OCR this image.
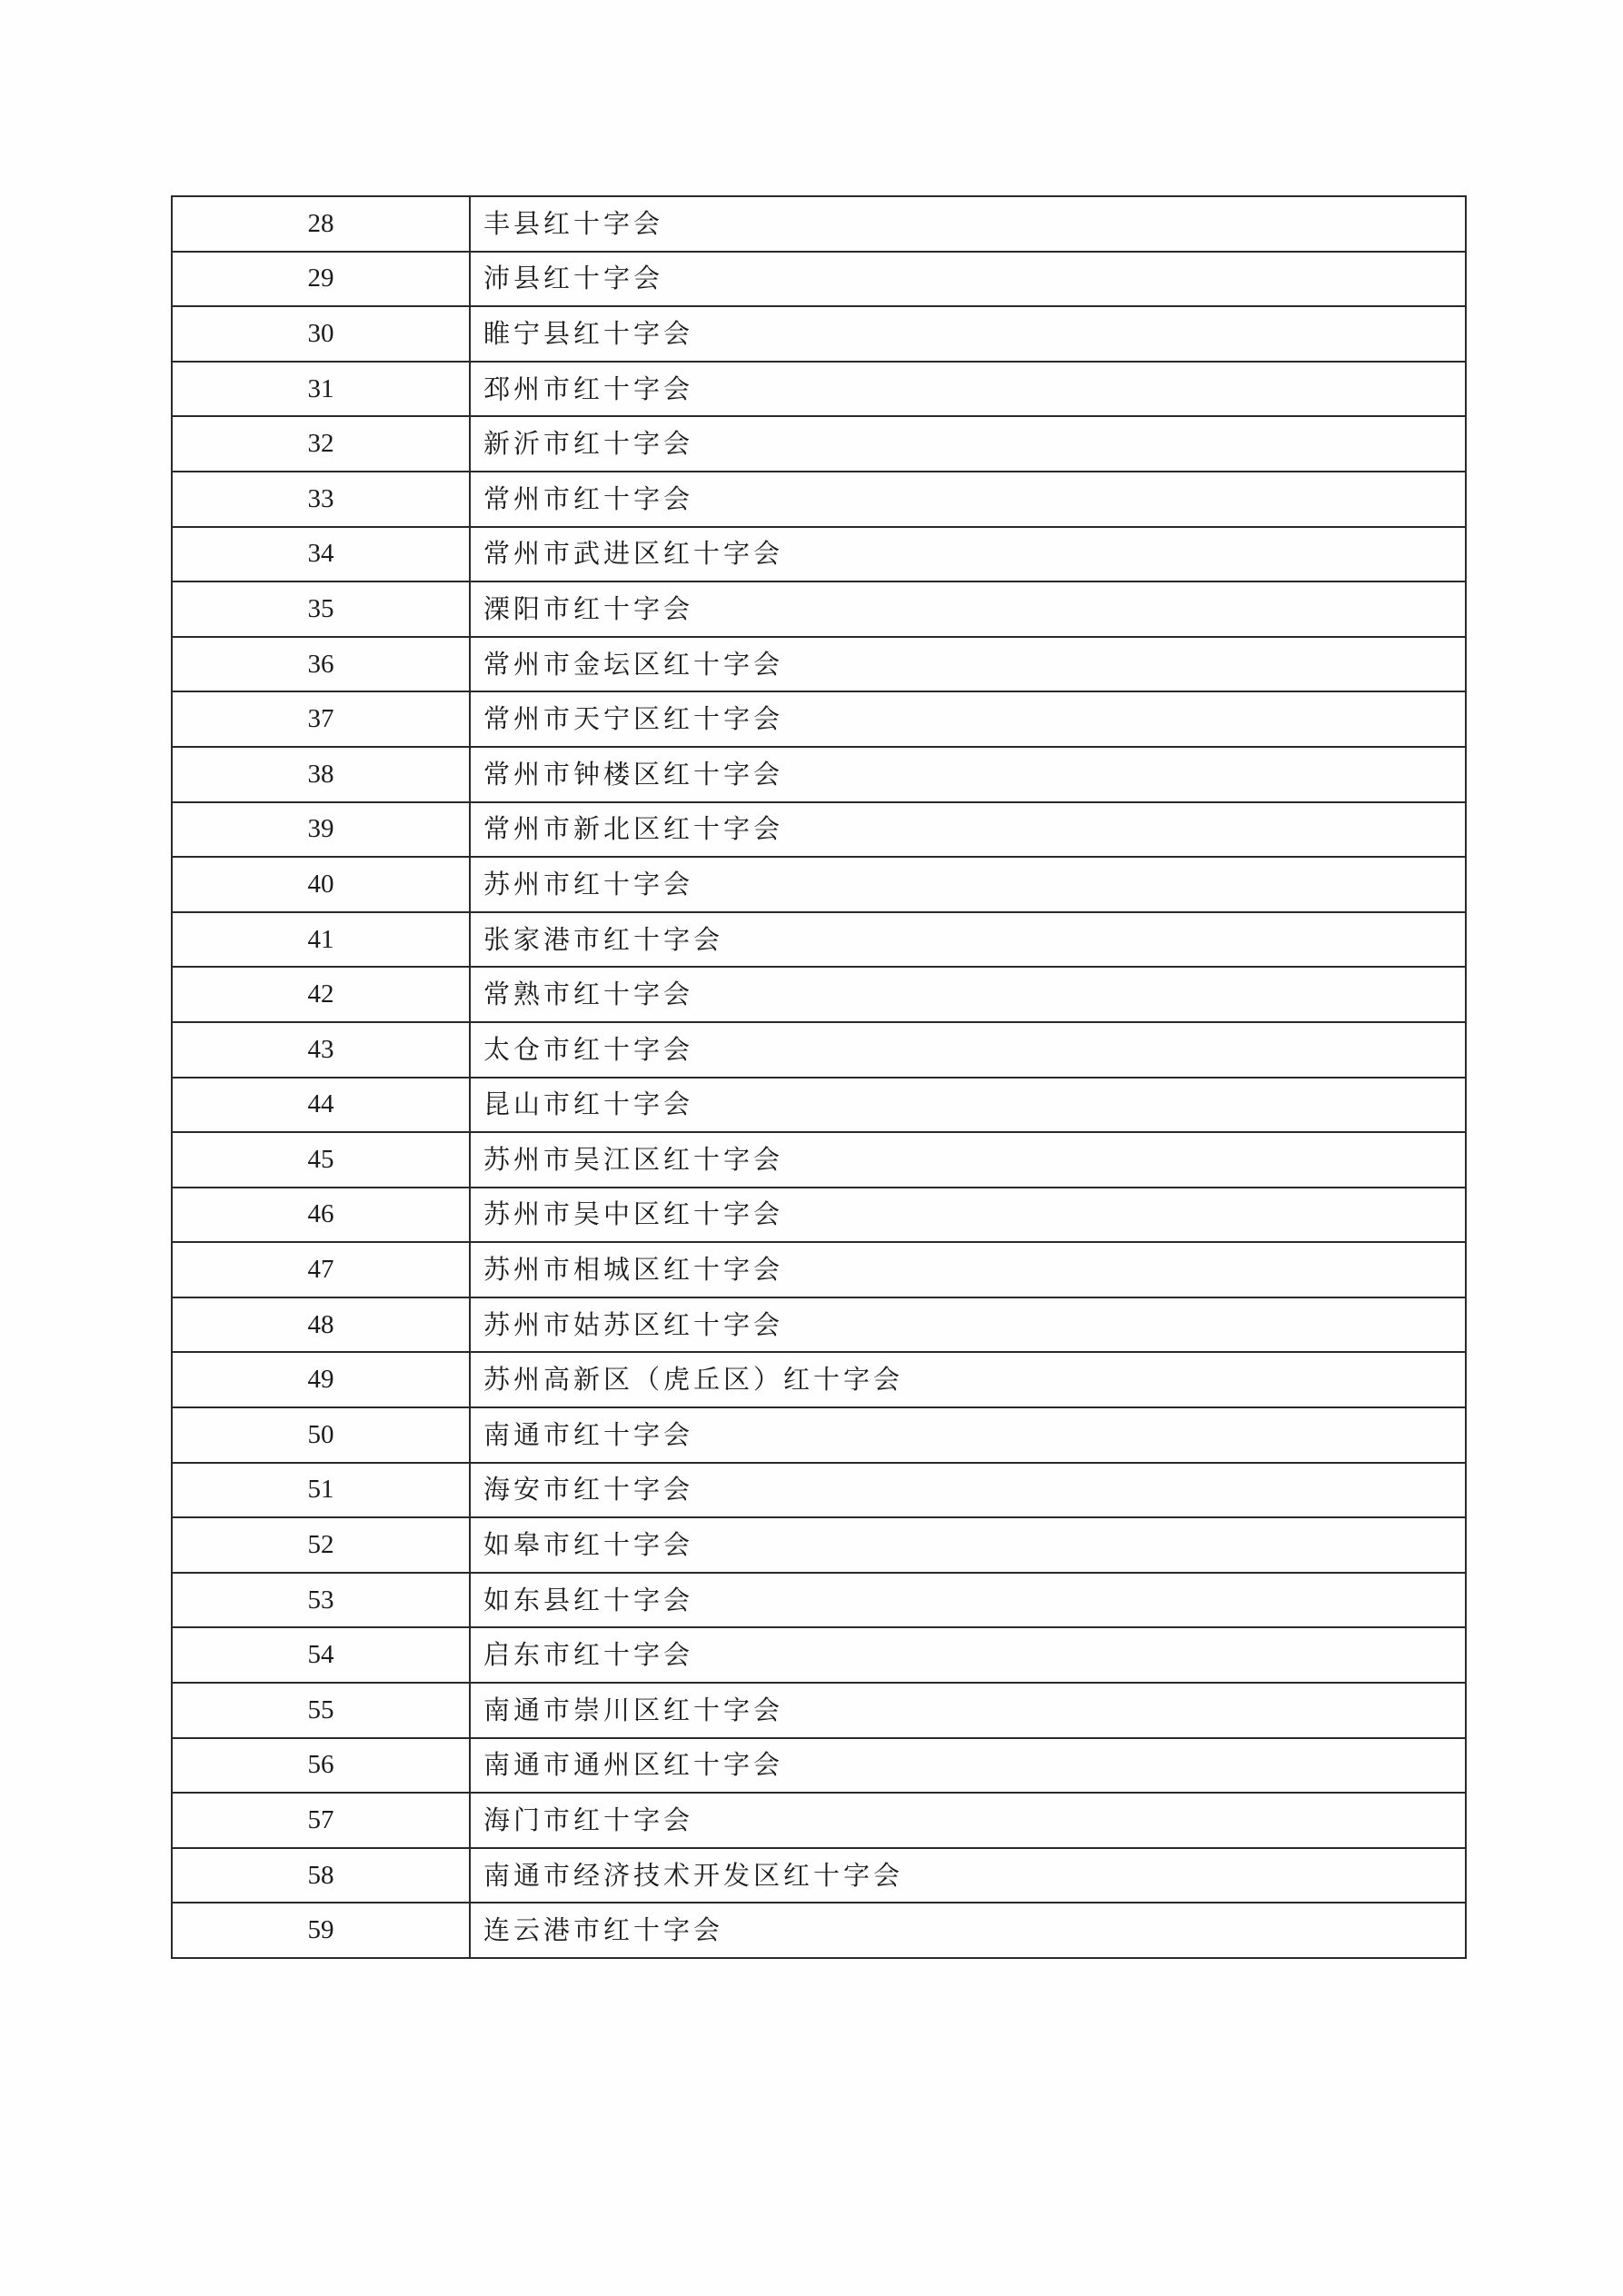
28	丰县红十字会
29	沛县红十字会
30	睢宁县红十字会
31	邳州市红十字会
32	新沂市红十字会
33	常州市红十字会
34	常州市武进区红十字会
35	溧阳市红十字会
36	常州市金坛区红十字会
37	常州市天宁区红十字会
38	常州市钟楼区红十字会
39	常州市新北区红十字会
40	苏州市红十字会
41	张家港市红十字会
42	常熟市红十字会
43	太仓市红十字会
44	昆山市红十字会
45	苏州市吴江区红十字会
46	苏州市吴中区红十字会
47	苏州市相城区红十字会
48	苏州市姑苏区红十字会
49	苏州高新区（虎丘区）红十字会
50	南通市红十字会
51	海安市红十字会
52	如皋市红十字会
53	如东县红十字会
54	启东市红十字会
55	南通市崇川区红十字会
56	南通市通州区红十字会
57	海门市红十字会
58	南通市经济技术开发区红十字会
59	连云港市红十字会
